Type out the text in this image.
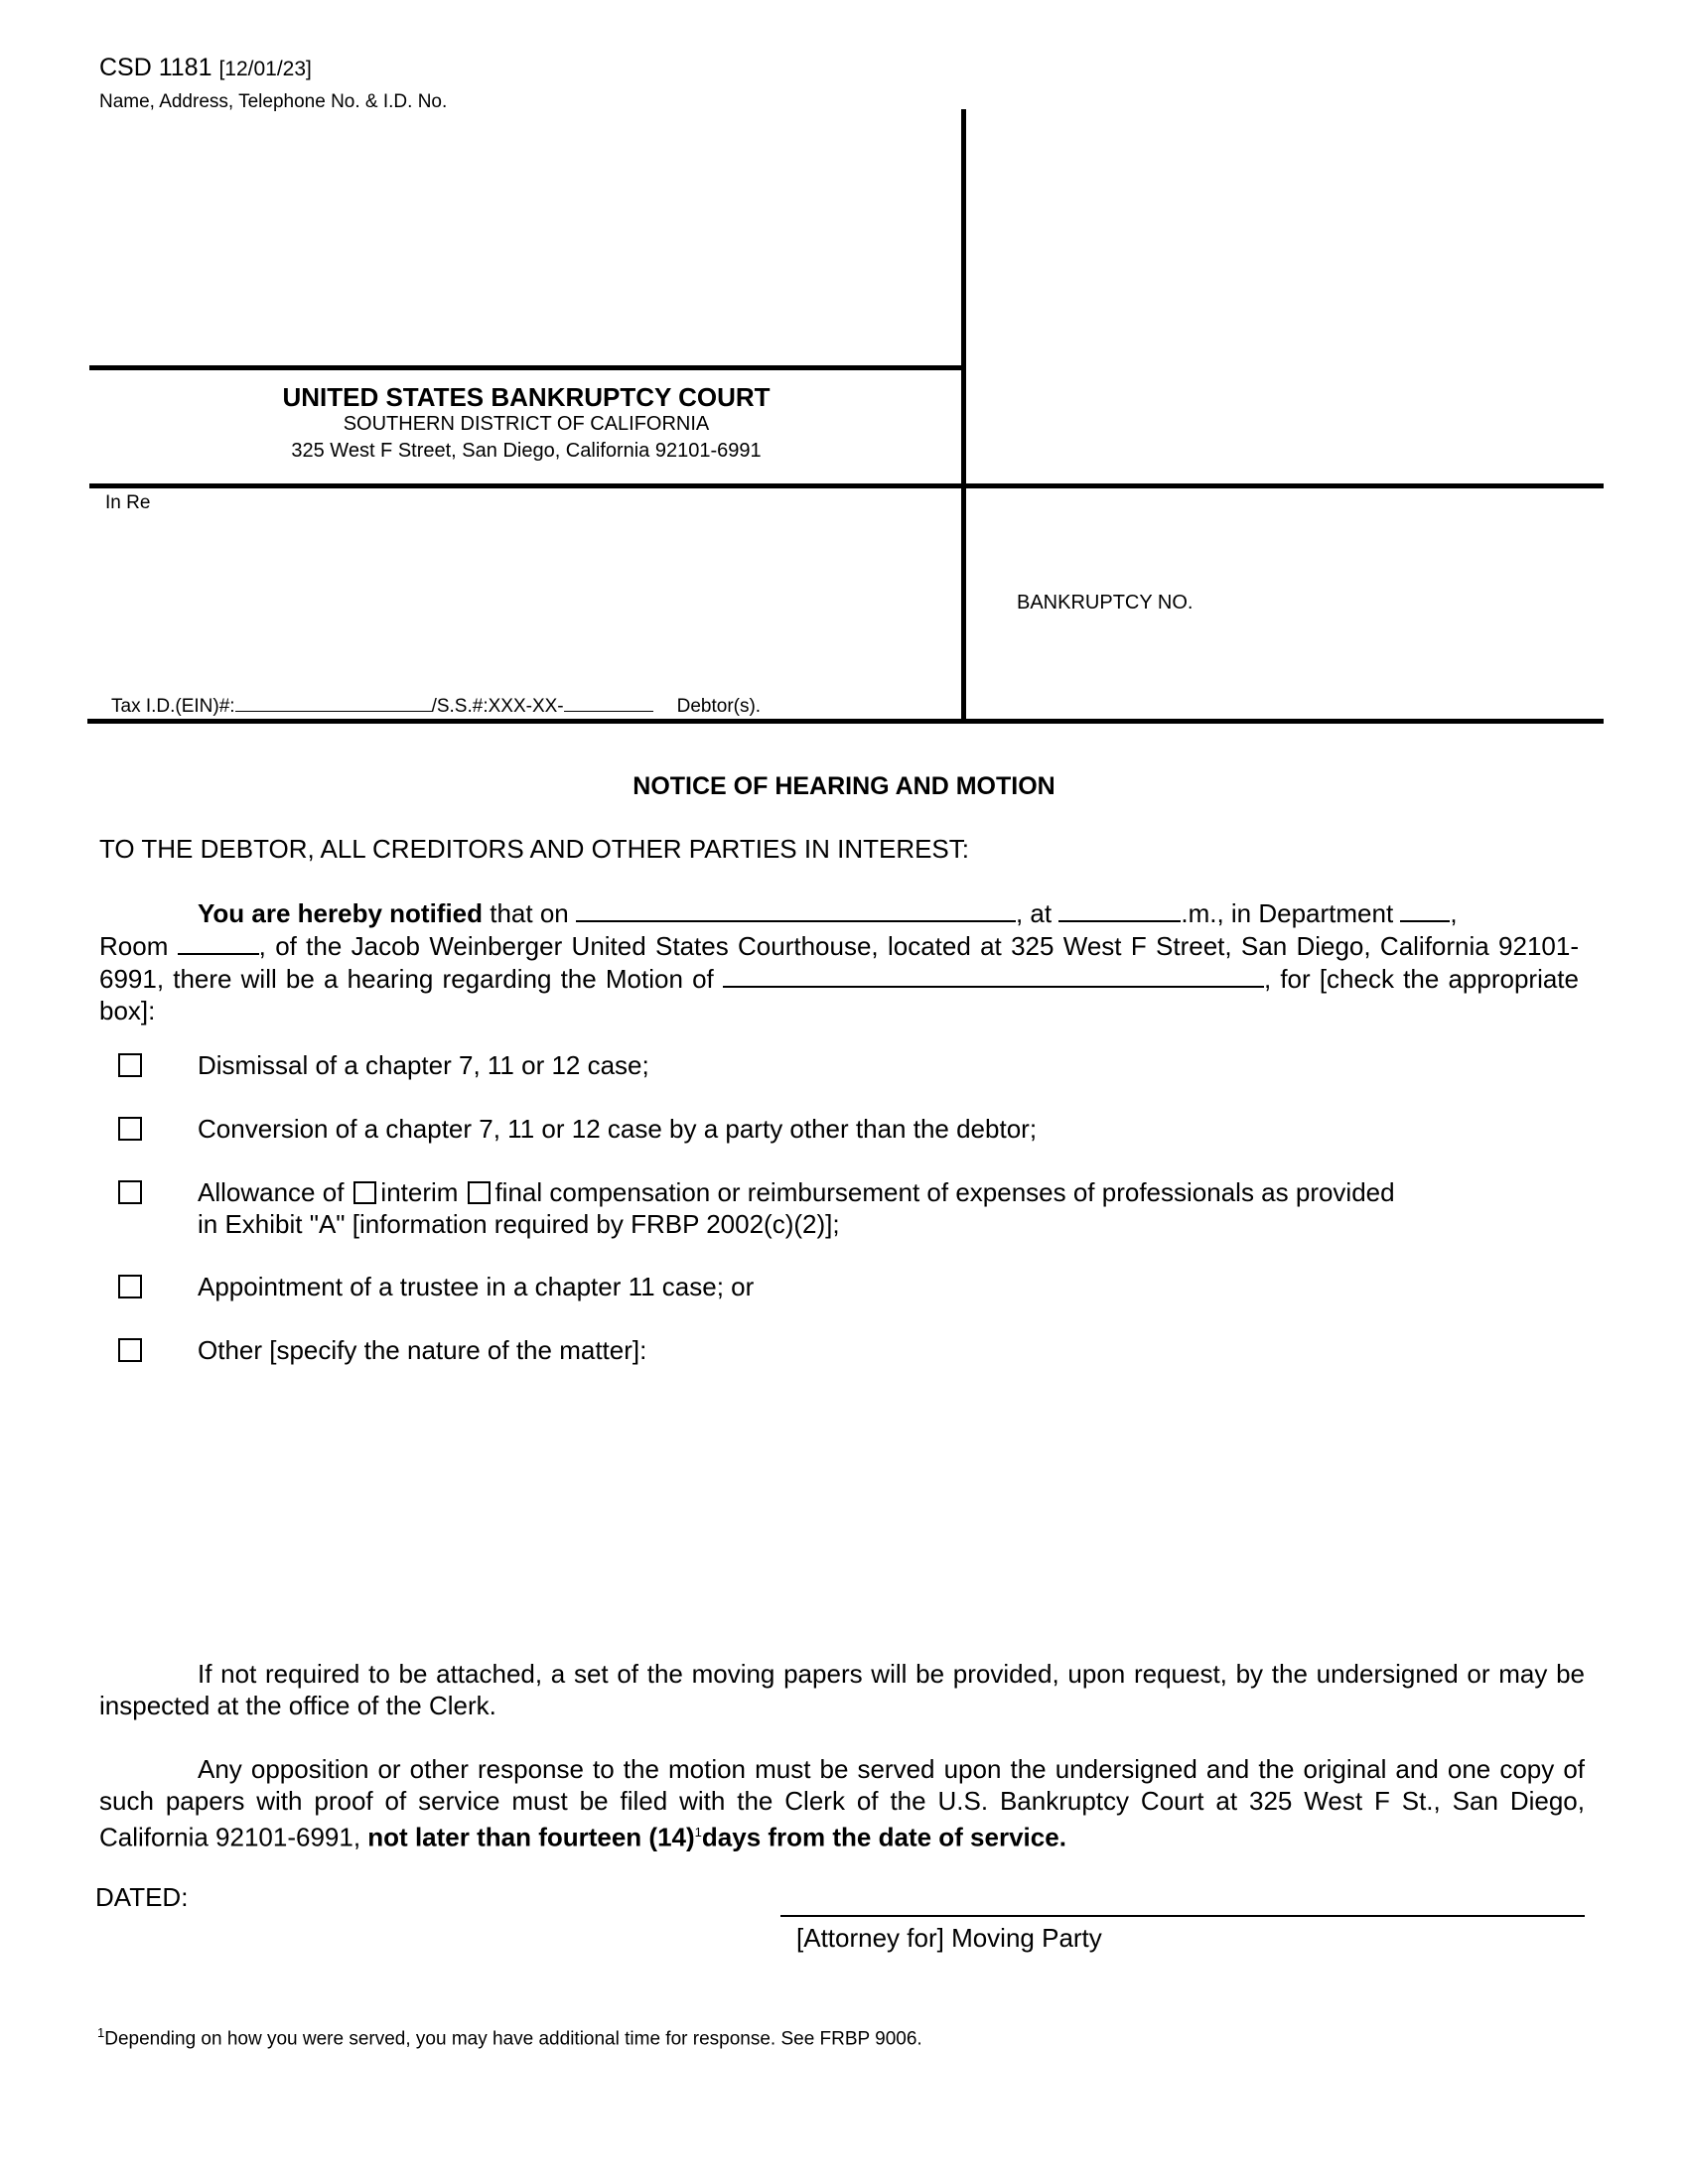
CSD 1181 [12/01/23]
Name, Address, Telephone No. & I.D. No.
UNITED STATES BANKRUPTCY COURT
SOUTHERN DISTRICT OF CALIFORNIA
325 West F Street, San Diego, California 92101-6991
In Re
BANKRUPTCY NO.
Tax I.D.(EIN)#:	/S.S.#:XXX-XX-	Debtor(s).
NOTICE OF HEARING AND MOTION
TO THE DEBTOR, ALL CREDITORS AND OTHER PARTIES IN INTEREST:
You are hereby notified that on	, at	.m., in Department ,
Room	, of the Jacob Weinberger United States Courthouse, located at 325 West F Street, San Diego, California 92101-6991, there will be a hearing regarding the Motion of	, for [check the appropriate box]:
Dismissal of a chapter 7, 11 or 12 case;
Conversion of a chapter 7, 11 or 12 case by a party other than the debtor;
Allowance of interim final compensation or reimbursement of expenses of professionals as provided
in Exhibit "A" [information required by FRBP 2002(c)(2)];
Appointment of a trustee in a chapter 11 case; or
Other [specify the nature of the matter]:
If not required to be attached, a set of the moving papers will be provided, upon request, by the undersigned or may be inspected at the office of the Clerk.
Any opposition or other response to the motion must be served upon the undersigned and the original and one copy of such papers with proof of service must be filed with the Clerk of the U.S. Bankruptcy Court at 325 West F St., San Diego, California 92101-6991, not later than fourteen $(14)^1days$ from the date of service.
DATED:
[Attorney for] Moving Party
$^1$Depending on how you were served, you may have additional time for response. See FRBP 9006.
